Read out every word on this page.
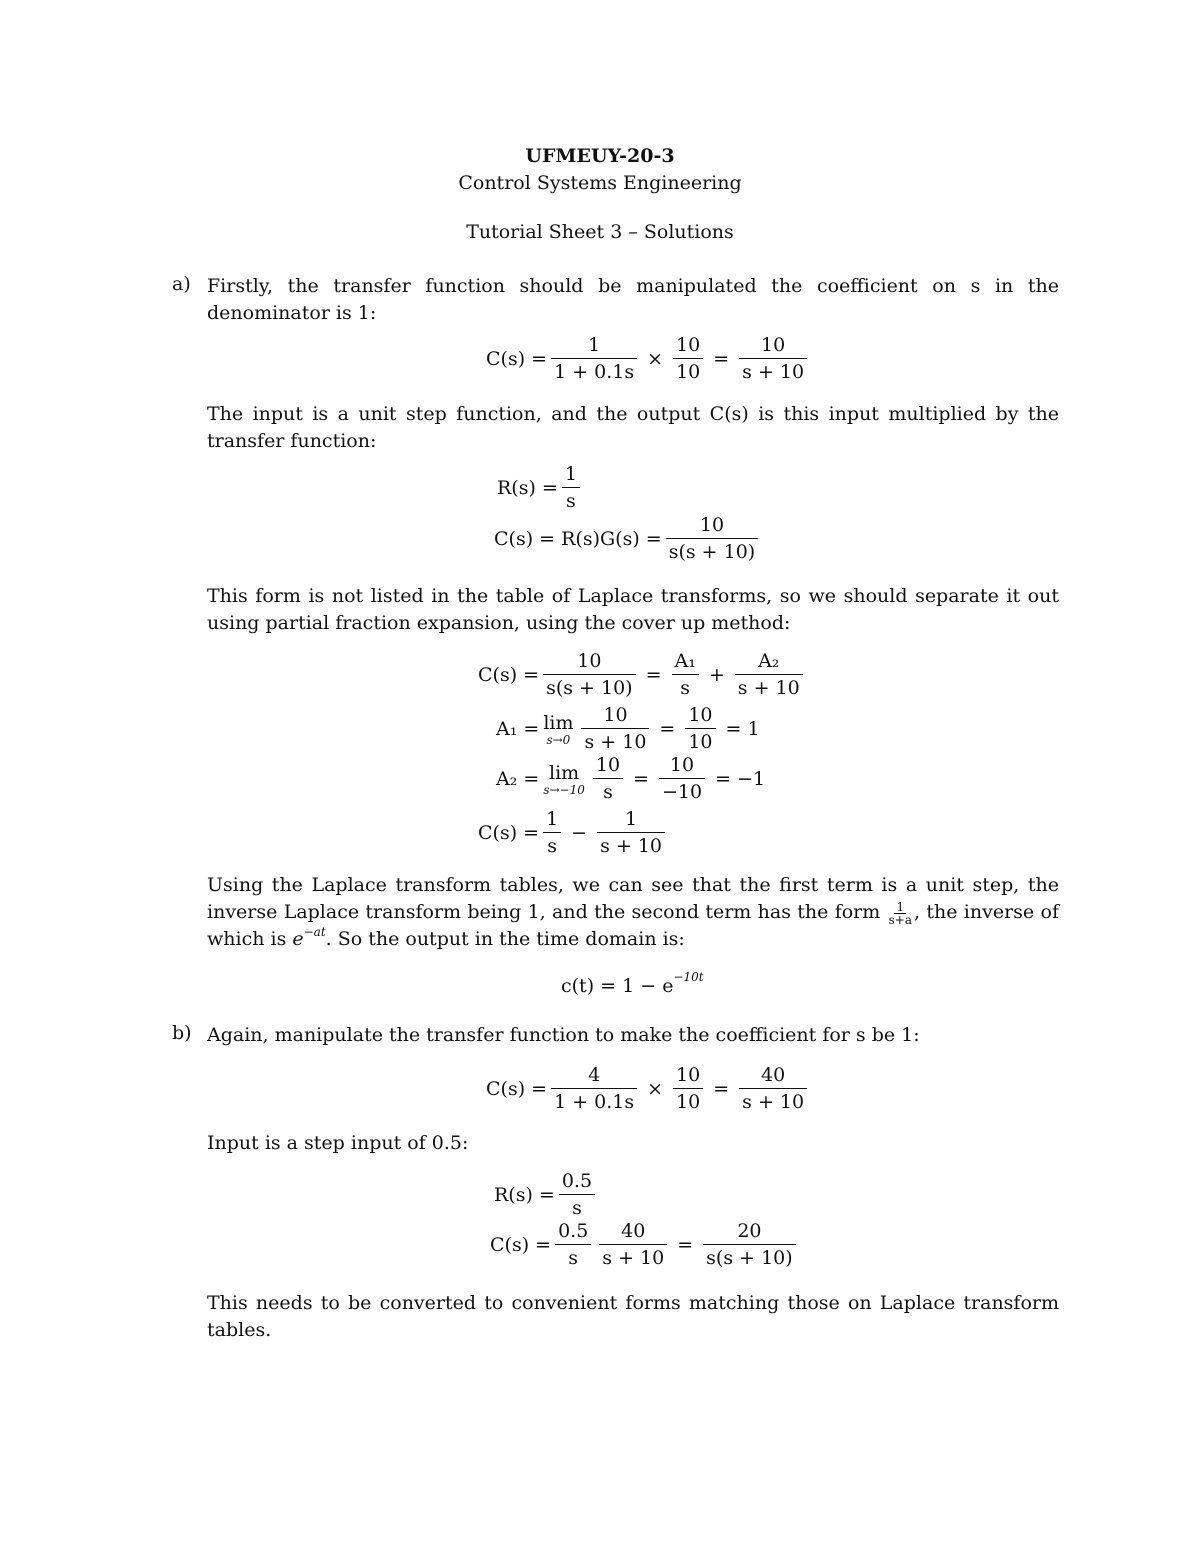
UFMEUY-20-3
Control Systems Engineering
Tutorial Sheet 3 – Solutions
a) Firstly, the transfer function should be manipulated the coefficient on s in the denominator is 1:
$C(s) = \frac{1}{1 + 0.1s} \times \frac{10}{10} = \frac{10}{s + 10}$
The input is a unit step function, and the output C(s) is this input multiplied by the transfer function:
$R(s) = \frac{1}{s}$
$C(s) = R(s)G(s) = \frac{10}{s(s + 10)}$
This form is not listed in the table of Laplace transforms, so we should separate it out using partial fraction expansion, using the cover up method:
$C(s) = \frac{10}{s(s + 10)} = \frac{\text{A₁}}{s} + \frac{\text{A₂}}{s + 10}$
A₁ = lim
$s\to 0 \frac{10}{s + 10} = \frac{10}{10} = 1$
A₂ = lim
$s\to-10 \frac{10}{s} = \frac{10}{-10} = -1$
$C(s) = \frac{1}{s} - \frac{1}{s + 10}$
Using the Laplace transform tables, we can see that the first term is a unit step, the inverse Laplace transform being 1, and the second term has the form $\frac{1}{s+a}$ , the inverse of which is $e^{-at}$. So the output in the time domain is:
c(t) = 1 − e −10t
b) Again, manipulate the transfer function to make the coefficient for s be 1:
$C(s) = \frac{4}{1 + 0.1s} \times \frac{10}{10} = \frac{40}{s + 10}$
Input is a step input of 0.5:
$R(s) = \frac{0.5}{s}$
$C(s) = \frac{0.5}{s} \frac{40}{s + 10} = \frac{20}{s(s + 10)}$
This needs to be converted to convenient forms matching those on Laplace transform tables.
